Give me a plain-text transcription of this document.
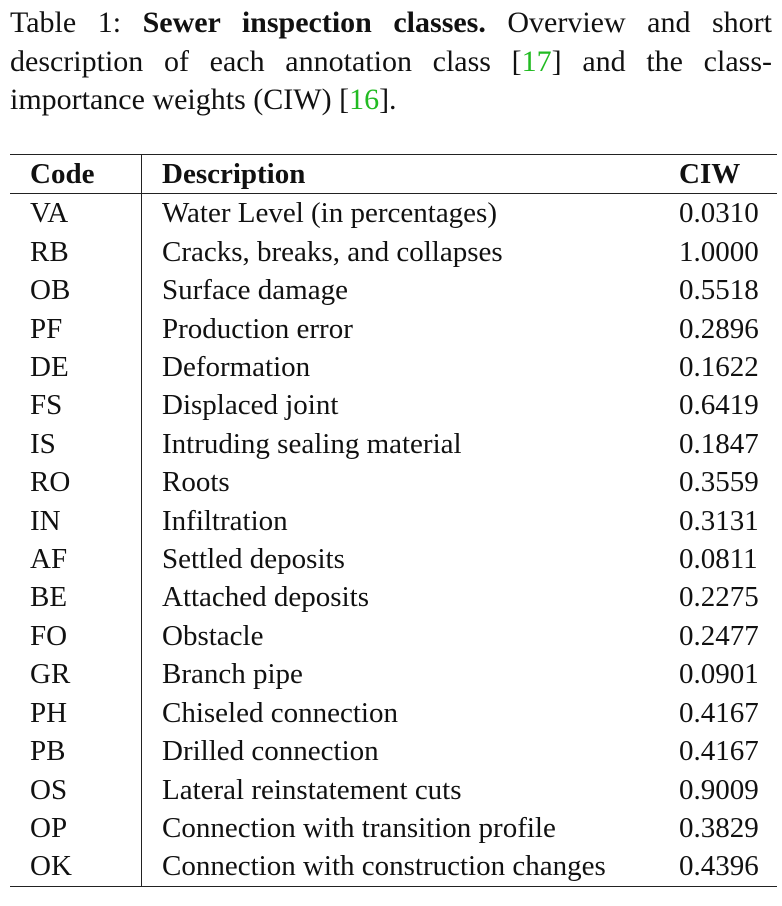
Table 1: Sewer inspection classes. Overview and short description of each annotation class [17] and the class-importance weights (CIW) [16].
Code	Description	CIW
VA	Water Level (in percentages)	0.0310
RB	Cracks, breaks, and collapses	1.0000
OB	Surface damage	0.5518
PF	Production error	0.2896
DE	Deformation	0.1622
FS	Displaced joint	0.6419
IS	Intruding sealing material	0.1847
RO	Roots	0.3559
IN	Infiltration	0.3131
AF	Settled deposits	0.0811
BE	Attached deposits	0.2275
FO	Obstacle	0.2477
GR	Branch pipe	0.0901
PH	Chiseled connection	0.4167
PB	Drilled connection	0.4167
OS	Lateral reinstatement cuts	0.9009
OP	Connection with transition profile	0.3829
OK	Connection with construction changes	0.4396
